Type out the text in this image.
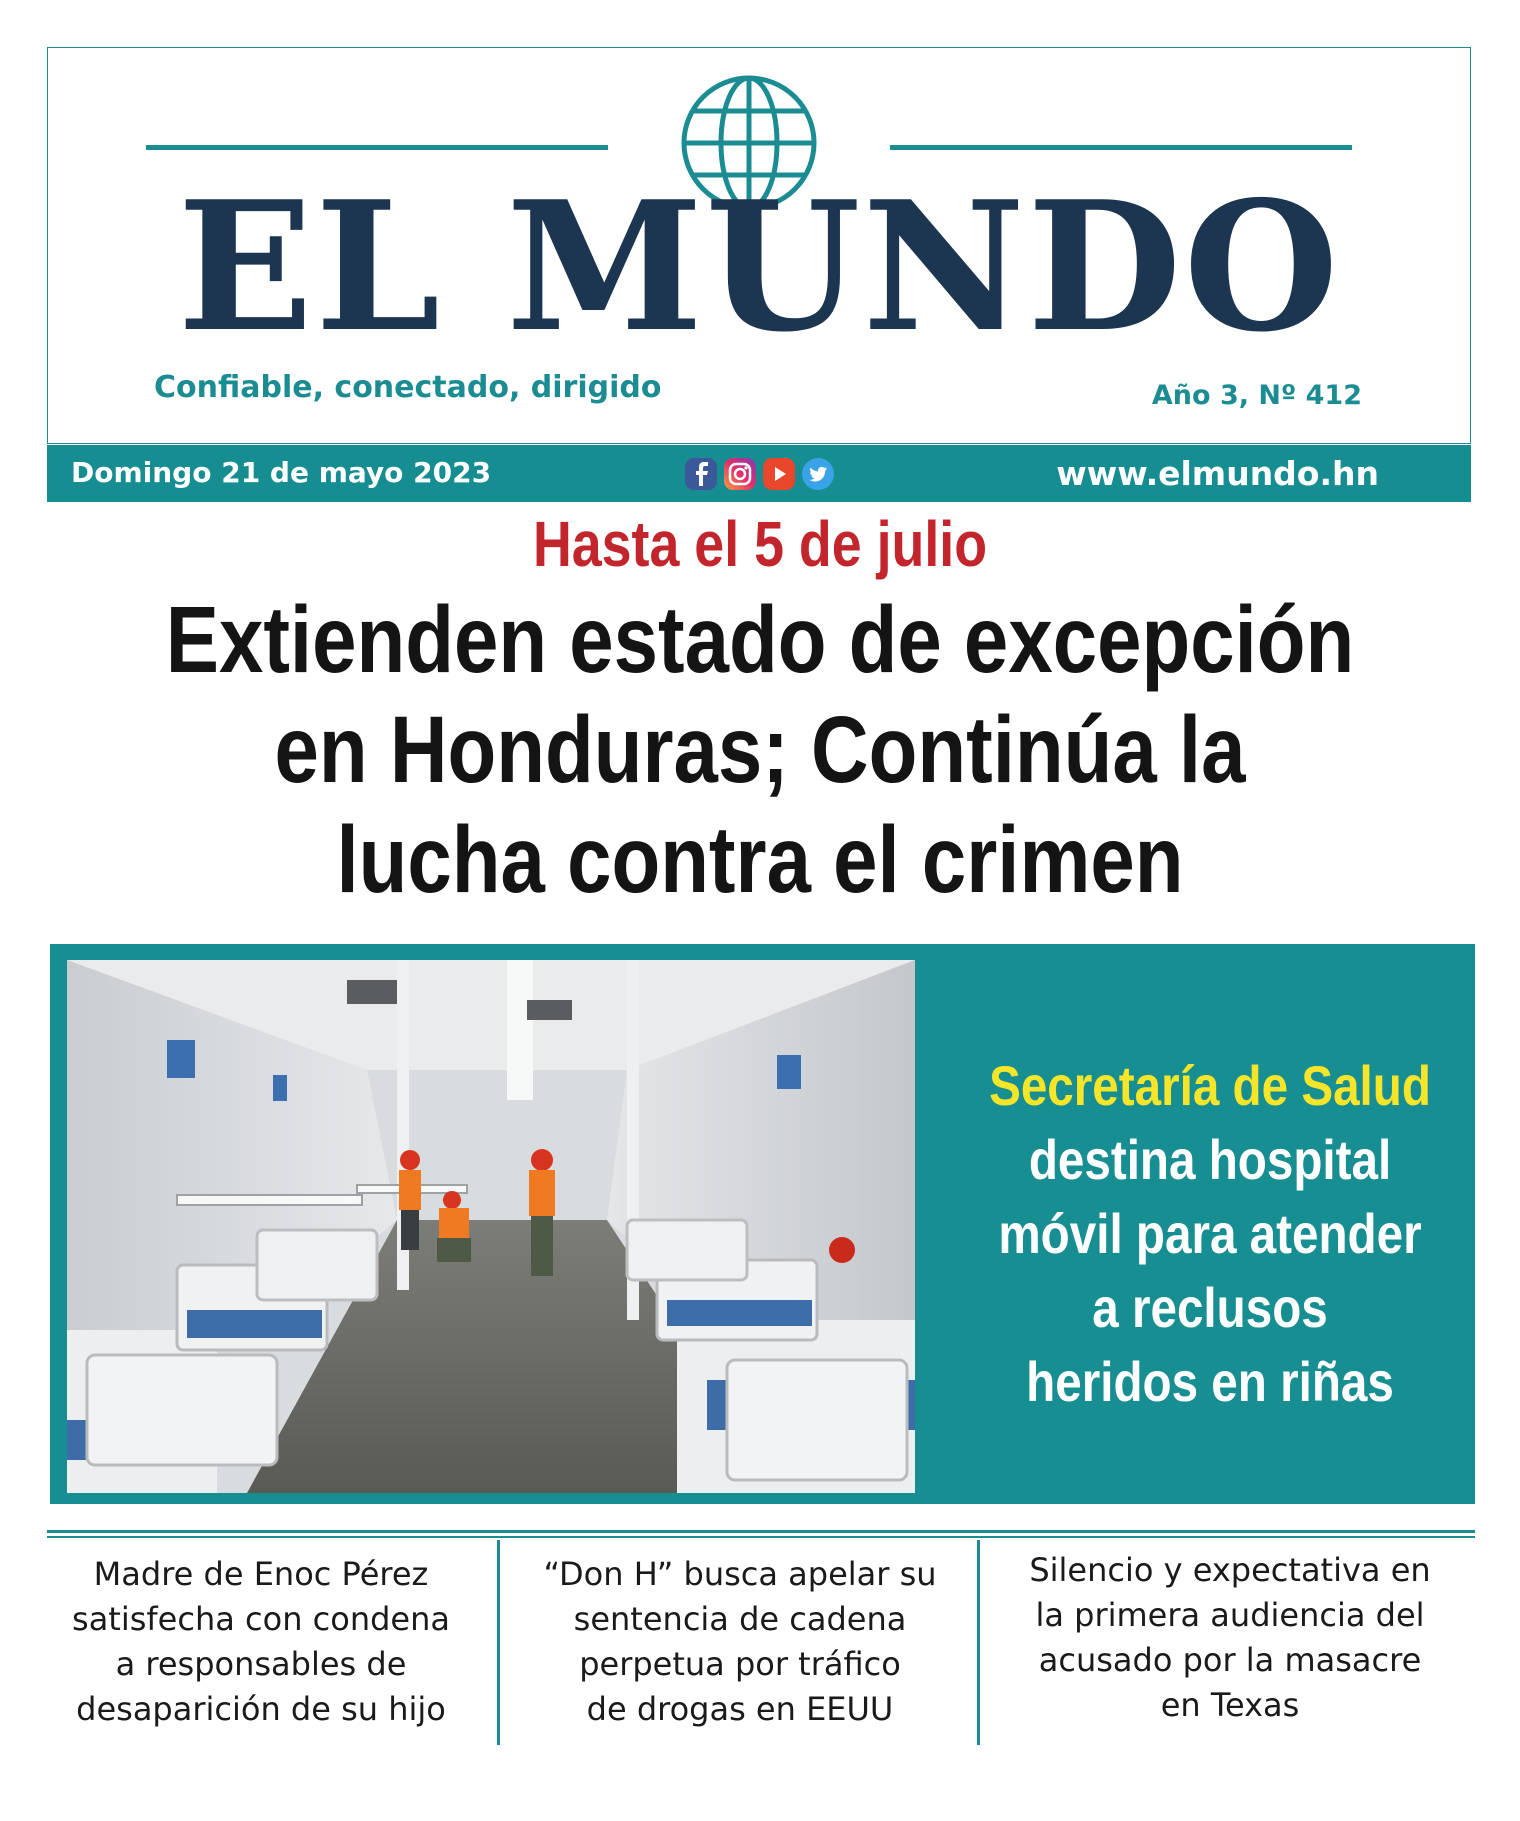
EL MUNDO
Confiable, conectado, dirigido	Año 3, Nº 412
Domingo 21 de mayo 2023	www.elmundo.hn
Hasta el 5 de julio
Extienden estado de excepción
en Honduras; Continúa la
lucha contra el crimen
Secretaría de Salud
destina hospital
móvil para atender
a reclusos
heridos en riñas
Madre de Enoc Pérez
satisfecha con condena
a responsables de
desaparición de su hijo
“Don H” busca apelar su
sentencia de cadena
perpetua por tráfico
de drogas en EEUU
Silencio y expectativa en
la primera audiencia del
acusado por la masacre
en Texas
